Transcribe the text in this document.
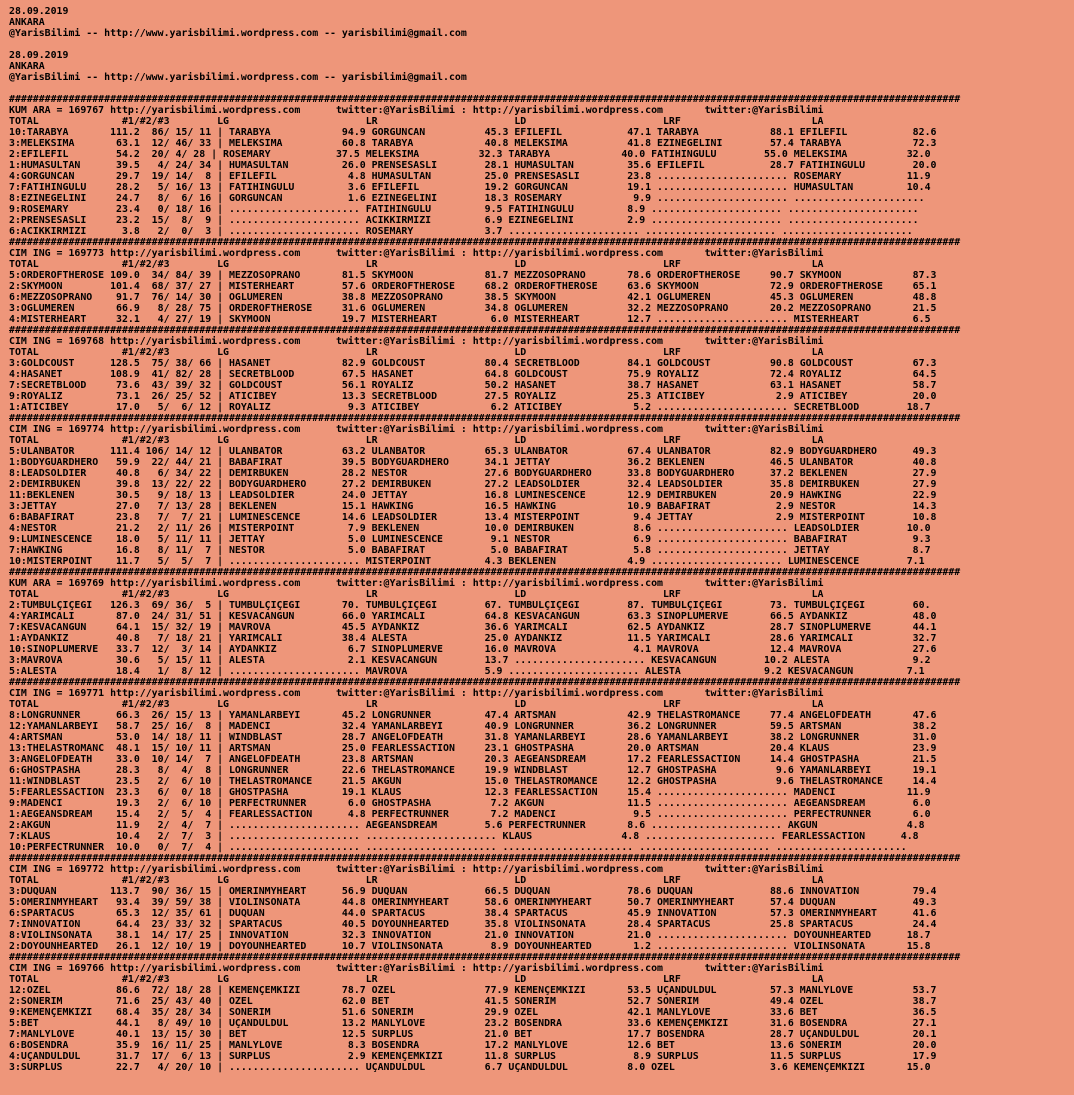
28.09.2019
ANKARA
@YarisBilimi -- http://www.yarisbilimi.wordpress.com -- yarisbilimi@gmail.com
28.09.2019
ANKARA
@YarisBilimi -- http://www.yarisbilimi.wordpress.com -- yarisbilimi@gmail.com
################################################################################################################################################################
KUM ARA = 169767 http://yarisbilimi.wordpress.com      twitter:@YarisBilimi : http://yarisbilimi.wordpress.com       twitter:@YarisBilimi
TOTAL              #1/#2/#3        LG                       LR                       LD                       LRF                      LA
10:TARABYA       111.2  86/ 15/ 11 | TARABYA            94.9 GORGÜNCAN          45.3 EFİLEFİL           47.1 TARABYA            88.1 EFİLEFİL           82.6
3:MELEKSİMA       63.1  12/ 46/ 33 | MELEKSİMA          60.8 TARABYA            40.8 MELEKSİMA          41.8 EZİNEGELİNİ        57.4 TARABYA            72.3
2:EFİLEFİL        54.2  20/ 4/ 28 | ROSEMARY           37.5 MELEKSİMA          32.3 TARABYA            40.0 FATİHİNGÜLÜ        55.0 MELEKSİMA          32.0
1:HUMASULTAN      39.5   4/ 24/ 34 | HUMASULTAN         26.0 PRENSESASLI        28.1 HUMASULTAN         35.6 EFİLEFİL           28.7 FATİHİNGÜLÜ        20.0
4:GORGÜNCAN       29.7  19/ 14/  8 | EFİLEFİL            4.8 HUMASULTAN         25.0 PRENSESASLI        23.8 ...................... ROSEMARY           11.9
7:FATİHİNGÜLÜ     28.2   5/ 16/ 13 | FATİHİNGÜLÜ         3.6 EFİLEFİL           19.2 GORGÜNCAN          19.1 ...................... HUMASULTAN         10.4
8:EZİNEGELİNİ     24.7   8/  6/ 16 | GORGÜNCAN           1.6 EZİNEGELİNİ        18.3 ROSEMARY            9.9 ...................... ......................
9:ROSEMARY        23.4   0/ 18/ 16 | ...................... FATİHİNGÜLÜ         9.5 FATİHİNGÜLÜ         8.9 ...................... ......................
2:PRENSESASLI     23.2  15/  8/  9 | ...................... ACIKKIRMIZI         6.9 EZİNEGELİNİ         2.9 ...................... ......................
6:ACIKKIRMIZI      3.8   2/  0/  3 | ...................... ROSEMARY            3.7 ...................... ...................... ......................
################################################################################################################################################################
CIM ING = 169773 http://yarisbilimi.wordpress.com      twitter:@YarisBilimi : http://yarisbilimi.wordpress.com       twitter:@YarisBilimi
TOTAL              #1/#2/#3        LG                       LR                       LD                       LRF                      LA
5:ORDEROFTHEROSE 109.0  34/ 84/ 39 | MEZZOSOPRANO       81.5 SKYMOON            81.7 MEZZOSOPRANO       78.6 ORDEROFTHEROSE     90.7 SKYMOON            87.3
2:SKYMOON        101.4  68/ 37/ 27 | MİSTERHEART        57.6 ORDEROFTHEROSE     68.2 ORDEROFTHEROSE     63.6 SKYMOON            72.9 ORDEROFTHEROSE     65.1
6:MEZZOSOPRANO    91.7  76/ 14/ 30 | OGLUMEREN          38.8 MEZZOSOPRANO       38.5 SKYMOON            42.1 OGLUMEREN          45.3 OGLUMEREN          48.8
3:OGLUMEREN       66.9   8/ 28/ 75 | ORDEROFTHEROSE     31.6 OGLUMEREN          34.8 OGLUMEREN          32.2 MEZZOSOPRANO       20.2 MEZZOSOPRANO       21.5
4:MİSTERHEART     32.1   4/ 27/ 19 | SKYMOON            19.7 MİSTERHEART         6.0 MİSTERHEART        12.7 ...................... MİSTERHEART         6.5
################################################################################################################################################################
CIM ING = 169768 http://yarisbilimi.wordpress.com      twitter:@YarisBilimi : http://yarisbilimi.wordpress.com       twitter:@YarisBilimi
TOTAL              #1/#2/#3        LG                       LR                       LD                       LRF                      LA
3:GOLDCOUST      128.5  75/ 38/ 66 | HASANET            82.9 GOLDCOUST          80.4 SECRETBLOOD        84.1 GOLDCOUST          90.8 GOLDCOUST          67.3
4:HASANET        108.9  41/ 82/ 28 | SECRETBLOOD        67.5 HASANET            64.8 GOLDCOUST          75.9 ROYALİZ            72.4 ROYALİZ            64.5
7:SECRETBLOOD     73.6  43/ 39/ 32 | GOLDCOUST          56.1 ROYALİZ            50.2 HASANET            38.7 HASANET            63.1 HASANET            58.7
9:ROYALİZ         73.1  26/ 25/ 52 | ATICIBEY           13.3 SECRETBLOOD        27.5 ROYALİZ            25.3 ATICIBEY            2.9 ATICIBEY           20.0
1:ATICIBEY        17.0   5/  6/ 12 | ROYALİZ             9.3 ATICIBEY            6.2 ATICIBEY            5.2 ...................... SECRETBLOOD        18.7
################################################################################################################################################################
CIM ING = 169774 http://yarisbilimi.wordpress.com      twitter:@YarisBilimi : http://yarisbilimi.wordpress.com       twitter:@YarisBilimi
TOTAL              #1/#2/#3        LG                       LR                       LD                       LRF                      LA
5:ULANBATOR      111.4 106/ 14/ 12 | ULANBATOR          63.2 ULANBATOR          65.3 ULANBATOR          67.4 ULANBATOR          82.9 BODYGUARDHERO      49.3
1:BODYGUARDHERO   59.9  22/ 44/ 21 | BABAFIRAT          39.5 BODYGUARDHERO      34.1 JETTAY             36.2 BEKLENEN           46.5 ULANBATOR          40.8
8:LEADSOLDIER     40.8   6/ 34/ 22 | DEMİRBÜKEN         28.2 NESTOR             27.6 BODYGUARDHERO      33.8 BODYGUARDHERO      37.2 BEKLENEN           27.9
2:DEMİRBÜKEN      39.8  13/ 22/ 22 | BODYGUARDHERO      27.2 DEMİRBÜKEN         27.2 LEADSOLDIER        32.4 LEADSOLDIER        35.8 DEMİRBÜKEN         27.9
11:BEKLENEN       30.5   9/ 18/ 13 | LEADSOLDIER        24.0 JETTAY             16.8 LUMINESCENCE       12.9 DEMİRBÜKEN         20.9 HAWKING            22.9
3:JETTAY          27.0   7/ 13/ 28 | BEKLENEN           15.1 HAWKING            16.5 HAWKING            10.9 BABAFIRAT           2.9 NESTOR             14.3
6:BABAFIRAT       23.8   7/  7/ 21 | LUMINESCENCE       14.6 LEADSOLDIER        13.4 MİSTERPOINT         9.4 JETTAY              2.9 MİSTERPOINT        10.8
4:NESTOR          21.2   2/ 11/ 26 | MİSTERPOINT         7.9 BEKLENEN           10.0 DEMİRBÜKEN          8.6 ...................... LEADSOLDIER        10.0
9:LUMINESCENCE    18.0   5/ 11/ 11 | JETTAY              5.0 LUMINESCENCE        9.1 NESTOR              6.9 ...................... BABAFIRAT           9.3
7:HAWKING         16.8   8/ 11/  7 | NESTOR              5.0 BABAFIRAT           5.0 BABAFIRAT           5.8 ...................... JETTAY              8.7
10:MİSTERPOINT    11.7   5/  5/  7 | ...................... MİSTERPOINT         4.3 BEKLENEN            4.9 ...................... LUMINESCENCE        7.1
################################################################################################################################################################
KUM ARA = 169769 http://yarisbilimi.wordpress.com      twitter:@YarisBilimi : http://yarisbilimi.wordpress.com       twitter:@YarisBilimi
TOTAL              #1/#2/#3        LG                       LR                       LD                       LRF                      LA
2:TUMBULÇİÇEĞİ   126.3  69/ 36/  5 | TUMBULÇİÇEĞİ       70. TUMBULÇİÇEĞİ        67. TUMBULÇİÇEĞİ        87. TUMBULÇİÇEĞİ        73. TUMBULÇİÇEĞİ        60.
4:YARIMCALI       87.0  24/ 31/ 51 | KESVACANGÜN        66.0 YARIMCALI          64.8 KESVACANGÜN        63.3 SİNOPLUMERVE       66.5 AYDANKIZ           48.0
7:KESVACANGÜN     64.1  15/ 32/ 19 | MAVROVA            45.5 AYDANKIZ           36.6 YARIMCALI          62.5 AYDANKIZ           28.7 SİNOPLUMERVE       44.1
1:AYDANKIZ        40.8   7/ 18/ 21 | YARIMCALI          38.4 ALESTA             25.0 AYDANKIZ           11.5 YARIMCALI          28.6 YARIMCALI          32.7
10:SİNOPLUMERVE   33.7  12/  3/ 14 | AYDANKIZ            6.7 SİNOPLUMERVE       16.0 MAVROVA             4.1 MAVROVA            12.4 MAVROVA            27.6
3:MAVROVA         30.6   5/ 15/ 11 | ALESTA              2.1 KESVACANGÜN        13.7 ...................... KESVACANGÜN        10.2 ALESTA              9.2
5:ALESTA          18.4   1/  8/ 12 | ...................... MAVROVA             5.9 ...................... ALESTA              9.2 KESVACANGÜN         7.1
################################################################################################################################################################
CIM ING = 169771 http://yarisbilimi.wordpress.com      twitter:@YarisBilimi : http://yarisbilimi.wordpress.com       twitter:@YarisBilimi
TOTAL              #1/#2/#3        LG                       LR                       LD                       LRF                      LA
8:LONGRUNNER      66.3  26/ 15/ 13 | YAMANLARBEYİ       45.2 LONGRUNNER         47.4 ARTSMAN            42.9 THELASTROMANCE     77.4 ANGELOFDEATH       47.6
12:YAMANLARBEYİ   58.7  25/ 16/  8 | MADENCİ            32.4 YAMANLARBEYİ       40.9 LONGRUNNER         36.2 LONGRUNNER         59.5 ARTSMAN            38.2
4:ARTSMAN         53.0  14/ 18/ 11 | WINDBLAST          28.7 ANGELOFDEATH       31.8 YAMANLARBEYİ       28.6 YAMANLARBEYİ       38.2 LONGRUNNER         31.0
13:THELASTROMANC  48.1  15/ 10/ 11 | ARTSMAN            25.0 FEARLESSACTION     23.1 GHOSTPASHA         20.0 ARTSMAN            20.4 KLAUS              23.9
3:ANGELOFDEATH    33.0  10/ 14/  7 | ANGELOFDEATH       23.8 ARTSMAN            20.3 AEGEANSDREAM       17.2 FEARLESSACTION     14.4 GHOSTPASHA         21.5
6:GHOSTPASHA      28.3   8/  4/  8 | LONGRUNNER         22.6 THELASTROMANCE     19.9 WINDBLAST          12.7 GHOSTPASHA          9.6 YAMANLARBEYİ       19.1
11:WINDBLAST      23.5   2/  6/ 10 | THELASTROMANCE     21.5 AKGÜN              15.0 THELASTROMANCE     12.2 GHOSTPASHA          9.6 THELASTROMANCE     14.4
5:FEARLESSACTION  23.3   6/  0/ 18 | GHOSTPASHA         19.1 KLAUS              12.3 FEARLESSACTION     15.4 ...................... MADENCİ            11.9
9:MADENCİ         19.3   2/  6/ 10 | PERFECTRUNNER       6.0 GHOSTPASHA          7.2 AKGÜN              11.5 ...................... AEGEANSDREAM        6.0
1:AEGEANSDREAM    15.4   2/  5/  4 | FEARLESSACTION      4.8 PERFECTRUNNER       7.2 MADENCİ             9.5 ...................... PERFECTRUNNER       6.0
2:AKGÜN           11.9   2/  4/  7 | ...................... AEGEANSDREAM        5.6 PERFECTRUNNER       8.6 ...................... AKGÜN               4.8
7:KLAUS           10.4   2/  7/  3 | ...................... ...................... KLAUS               4.8 ...................... FEARLESSACTION      4.8
10:PERFECTRUNNER  10.0   0/  7/  4 | ...................... ...................... ...................... ...................... ......................
################################################################################################################################################################
CIM ING = 169772 http://yarisbilimi.wordpress.com      twitter:@YarisBilimi : http://yarisbilimi.wordpress.com       twitter:@YarisBilimi
TOTAL              #1/#2/#3        LG                       LR                       LD                       LRF                      LA
3:DUQUAN         113.7  90/ 36/ 15 | ÖMERİNMYHEART      56.9 DUQUAN             66.5 DUQUAN             78.6 DUQUAN             88.6 INNOVATION         79.4
5:ÖMERİNMYHEART   93.4  39/ 59/ 38 | VIOLINSONATA       44.8 ÖMERİNMYHEART      58.6 ÖMERİNMYHEART      50.7 ÖMERİNMYHEART      57.4 DUQUAN             49.3
6:SPARTACUS       65.3  12/ 35/ 61 | DUQUAN             44.0 SPARTACUS          38.4 SPARTACUS          45.9 INNOVATION         57.3 ÖMERİNMYHEART      41.6
7:INNOVATION      64.4  23/ 33/ 32 | SPARTACUS          40.5 DOYOUNHEARTED      35.8 VIOLINSONATA       28.4 SPARTACUS          25.8 SPARTACUS          24.4
8:VIOLINSONATA    38.1  14/ 17/ 25 | INNOVATION         32.3 INNOVATION         21.0 INNOVATION         21.0 ...................... DOYOUNHEARTED      18.7
2:DOYOUNHEARTED   26.1  12/ 10/ 19 | DOYOUNHEARTED      10.7 VIOLINSONATA        8.9 DOYOUNHEARTED       1.2 ...................... VIOLINSONATA       15.8
################################################################################################################################################################
CIM ING = 169766 http://yarisbilimi.wordpress.com      twitter:@YarisBilimi : http://yarisbilimi.wordpress.com       twitter:@YarisBilimi
TOTAL              #1/#2/#3        LG                       LR                       LD                       LRF                      LA
12:ÖZEL           86.6  72/ 18/ 28 | KEMENÇEMKIZI       78.7 ÖZEL               77.9 KEMENÇEMKIZI       53.5 UÇANDÜLDÜL         57.3 MANLYLOVE          53.7
2:SONERİM         71.6  25/ 43/ 40 | ÖZEL               62.0 BET                41.5 SONERİM            52.7 SONERİM            49.4 ÖZEL               38.7
9:KEMENÇEMKIZI    68.4  35/ 28/ 34 | SONERİM            51.6 SONERİM            29.9 ÖZEL               42.1 MANLYLOVE          33.6 BET                36.5
5:BET             44.1   8/ 49/ 10 | UÇANDÜLDÜL         13.2 MANLYLOVE          23.2 BOSENDRA           33.6 KEMENÇEMKIZI       31.6 BOSENDRA           27.1
7:MANLYLOVE       40.1  13/ 15/ 30 | BET                12.5 SURPLUS            21.0 BET                17.7 BOSENDRA           28.7 UÇANDÜLDÜL         20.1
6:BOSENDRA        35.9  16/ 11/ 25 | MANLYLOVE           8.3 BOSENDRA           17.2 MANLYLOVE          12.6 BET                13.6 SONERİM            20.0
4:UÇANDÜLDÜL      31.7  17/  6/ 13 | SURPLUS             2.9 KEMENÇEMKIZI       11.8 SURPLUS             8.9 SURPLUS            11.5 SURPLUS            17.9
3:SURPLUS         22.7   4/ 20/ 10 | ...................... UÇANDÜLDÜL          6.7 UÇANDÜLDÜL          8.0 ÖZEL                3.6 KEMENÇEMKIZI       15.0
